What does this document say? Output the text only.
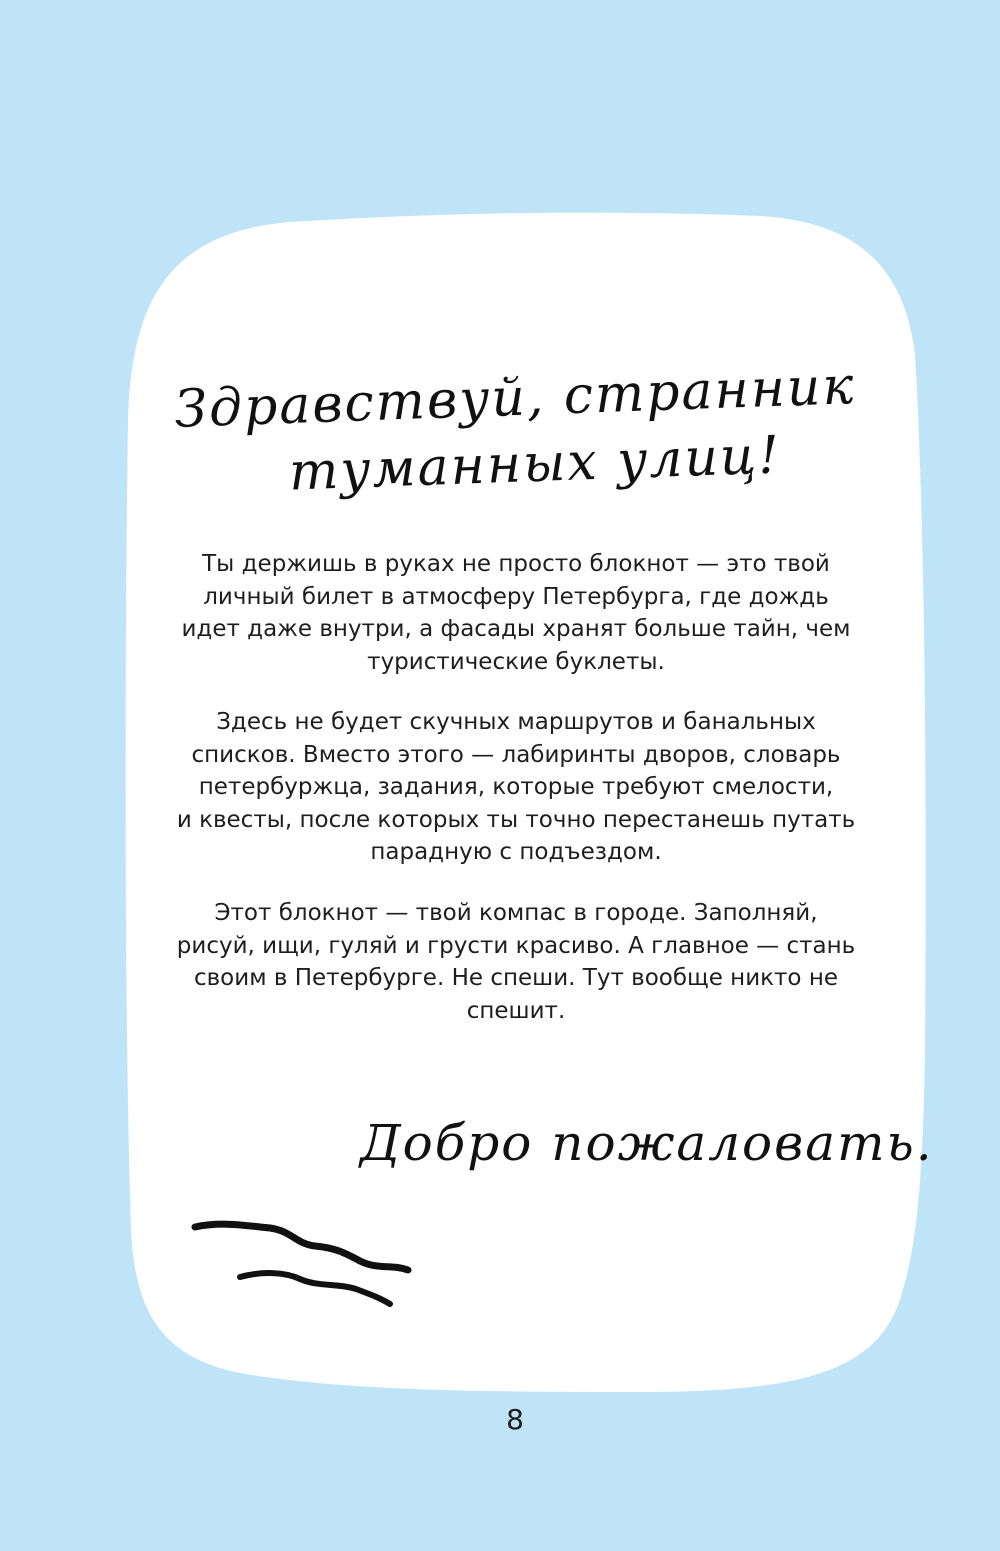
Здравствуй, странник
туманных улиц!

Ты держишь в руках не просто блокнот — это твой
личный билет в атмосферу Петербурга, где дождь
идет даже внутри, а фасады хранят больше тайн, чем
туристические буклеты.

Здесь не будет скучных маршрутов и банальных
списков. Вместо этого — лабиринты дворов, словарь
петербуржца, задания, которые требуют смелости,
и квесты, после которых ты точно перестанешь путать
парадную с подъездом.

Этот блокнот — твой компас в городе. Заполняй,
рисуй, ищи, гуляй и грусти красиво. А главное — стань
своим в Петербурге. Не спеши. Тут вообще никто не
спешит.

Добро пожаловать.
8
